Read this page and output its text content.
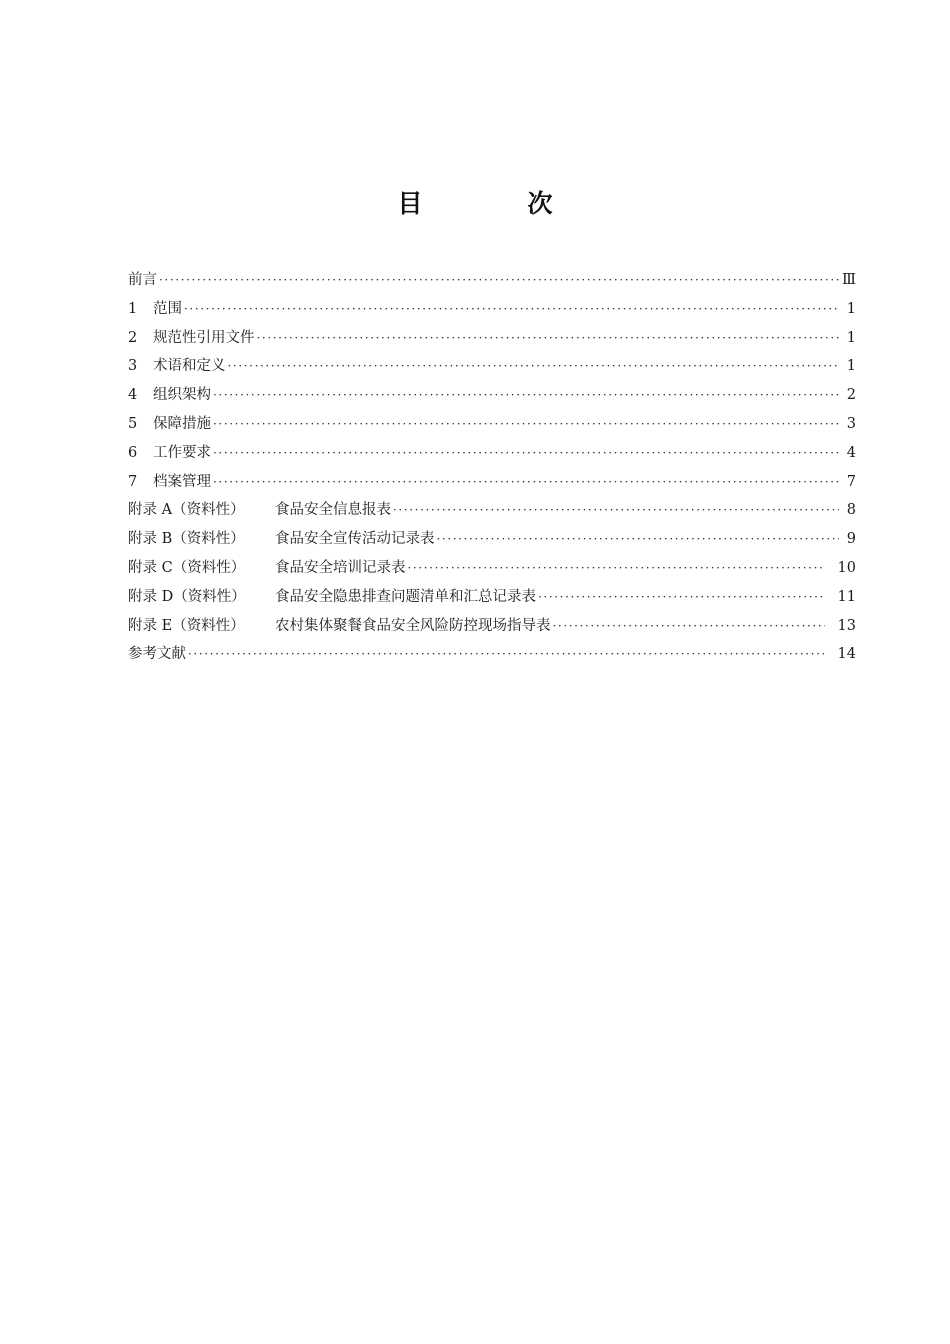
目　次
前言 ·····	Ⅲ
1 范围 ·····	1
2 规范性引用文件 ·····	1
3 术语和定义 ·····	1
4 组织架构 ·····	2
5 保障措施 ·····	3
6 工作要求 ·····	4
7 档案管理 ·····	7
附录 A（资料性） 食品安全信息报表 ·····	8
附录 B（资料性） 食品安全宣传活动记录表 ·····	9
附录 C（资料性） 食品安全培训记录表 ·····	10
附录 D（资料性） 食品安全隐患排查问题清单和汇总记录表 ·····	11
附录 E（资料性） 农村集体聚餐食品安全风险防控现场指导表 ·····	13
参考文献 ·····	14
